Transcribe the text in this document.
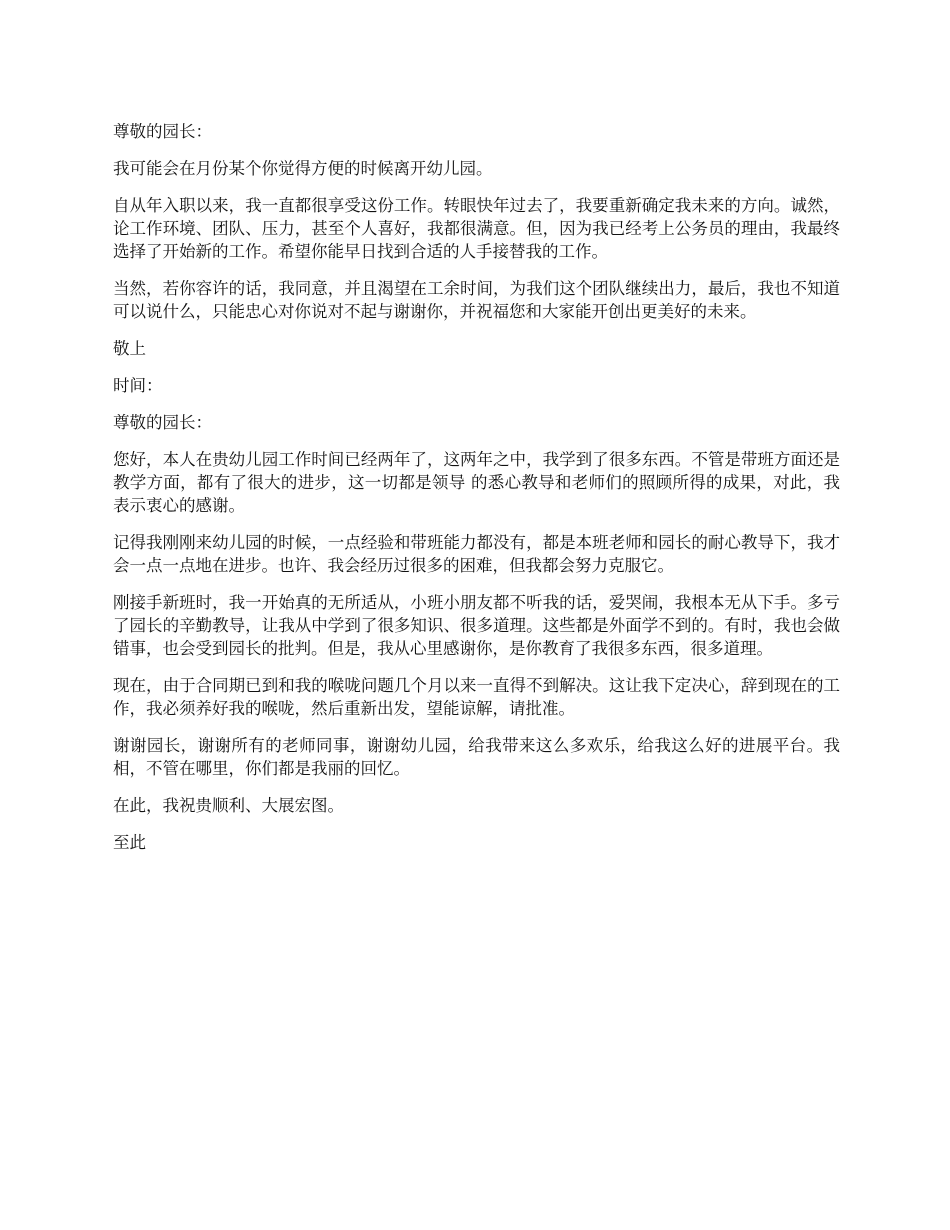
尊敬的园长：

我可能会在月份某个你觉得方便的时候离开幼儿园。

自从年入职以来，我一直都很享受这份工作。转眼快年过去了，我要重新确定我未来的方向。诚然，论工作环境、团队、压力，甚至个人喜好，我都很满意。但，因为我已经考上公务员的理由，我最终选择了开始新的工作。希望你能早日找到合适的人手接替我的工作。

当然，若你容许的话，我同意，并且渴望在工余时间，为我们这个团队继续出力，最后，我也不知道可以说什么，只能忠心对你说对不起与谢谢你，并祝福您和大家能开创出更美好的未来。

敬上

时间：

尊敬的园长：

您好，本人在贵幼儿园工作时间已经两年了，这两年之中，我学到了很多东西。不管是带班方面还是教学方面，都有了很大的进步，这一切都是领导 的悉心教导和老师们的照顾所得的成果，对此，我表示衷心的感谢。

记得我刚刚来幼儿园的时候，一点经验和带班能力都没有，都是本班老师和园长的耐心教导下，我才会一点一点地在进步。也许、我会经历过很多的困难，但我都会努力克服它。

刚接手新班时，我一开始真的无所适从，小班小朋友都不听我的话，爱哭闹，我根本无从下手。多亏了园长的辛勤教导，让我从中学到了很多知识、很多道理。这些都是外面学不到的。有时，我也会做错事，也会受到园长的批判。但是，我从心里感谢你，是你教育了我很多东西，很多道理。

现在，由于合同期已到和我的喉咙问题几个月以来一直得不到解决。这让我下定决心，辞到现在的工作，我必须养好我的喉咙，然后重新出发，望能谅解，请批准。

谢谢园长，谢谢所有的老师同事，谢谢幼儿园，给我带来这么多欢乐，给我这么好的进展平台。我相，不管在哪里，你们都是我丽的回忆。

在此，我祝贵顺利、大展宏图。

至此
